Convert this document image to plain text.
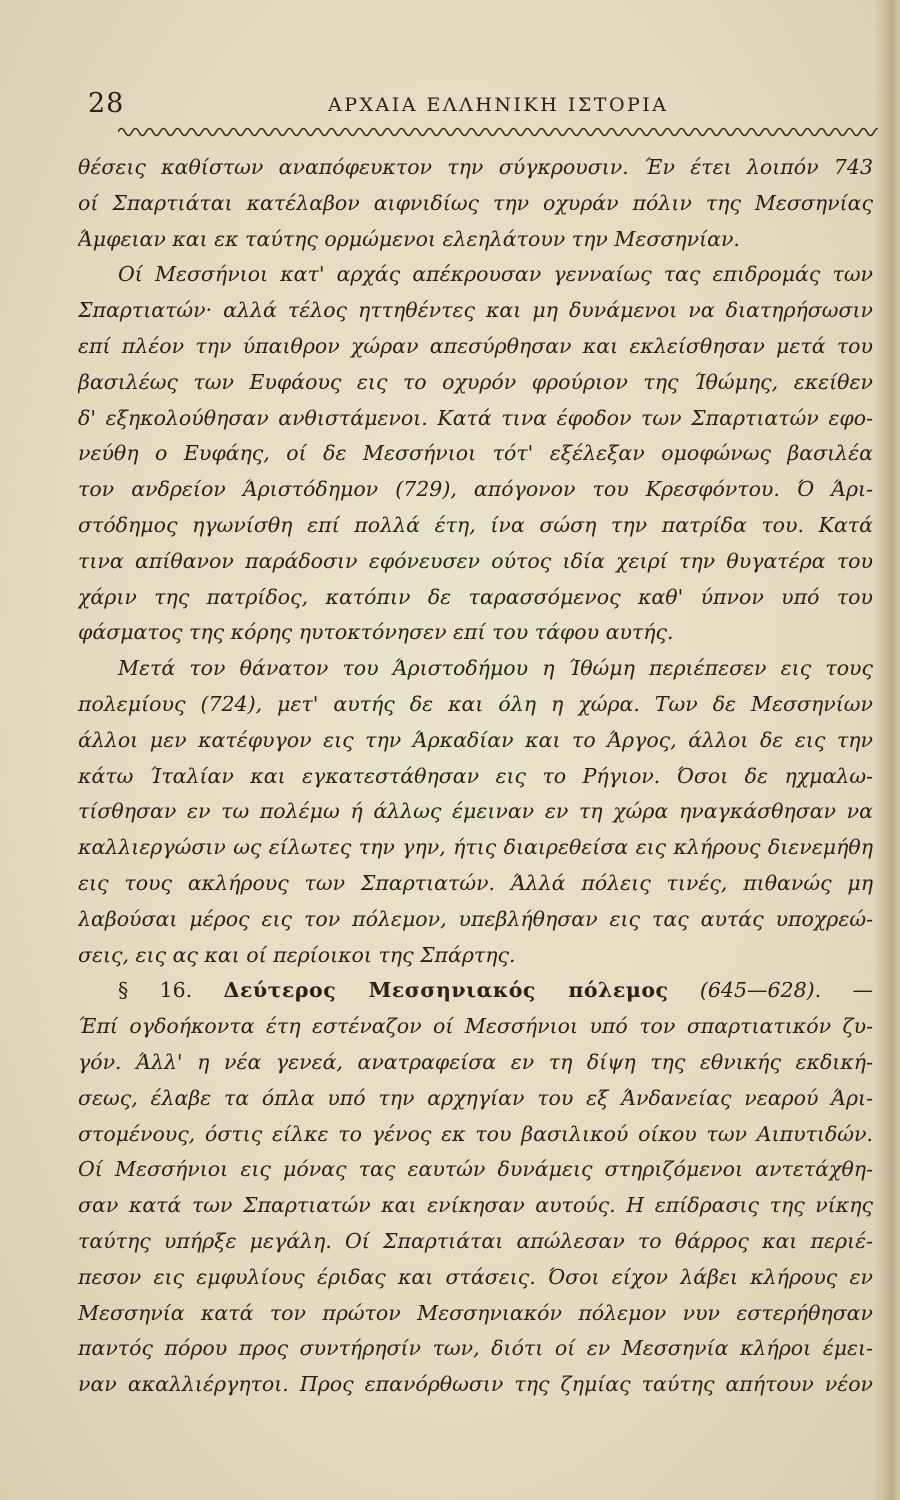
28	ΑΡΧΑΙΑ ΕΛΛΗΝΙΚΗ ΙΣΤΟΡΙΑ
θέσεις καθίστων αναπόφευκτον την σύγκρουσιν. Έν έτει λοιπόν 743
οί Σπαρτιάται κατέλαβον αιφνιδίως την οχυράν πόλιν της Μεσσηνίας
Άμφειαν και εκ ταύτης ορμώμενοι ελεηλάτουν την Μεσσηνίαν.
Οί Μεσσήνιοι κατ' αρχάς απέκρουσαν γενναίως τας επιδρομάς των
Σπαρτιατών· αλλά τέλος ηττηθέντες και μη δυνάμενοι να διατηρήσωσιν
επί πλέον την ύπαιθρον χώραν απεσύρθησαν και εκλείσθησαν μετά του
βασιλέως των Ευφάους εις το οχυρόν φρούριον της Ίθώμης, εκείθεν
δ' εξηκολούθησαν ανθιστάμενοι. Κατά τινα έφοδον των Σπαρτιατών εφο-
νεύθη ο Ευφάης, οί δε Μεσσήνιοι τότ' εξέλεξαν ομοφώνως βασιλέα
τον ανδρείον Άριστόδημον (729), απόγονον του Κρεσφόντου. Ό Άρι-
στόδημος ηγωνίσθη επί πολλά έτη, ίνα σώση την πατρίδα του. Κατά
τινα απίθανον παράδοσιν εφόνευσεν ούτος ιδία χειρί την θυγατέρα του
χάριν της πατρίδος, κατόπιν δε ταρασσόμενος καθ' ύπνον υπό του
φάσματος της κόρης ηυτοκτόνησεν επί του τάφου αυτής.
Μετά τον θάνατον του Άριστοδήμου η Ίθώμη περιέπεσεν εις τους
πολεμίους (724), μετ' αυτής δε και όλη η χώρα. Των δε Μεσσηνίων
άλλοι μεν κατέφυγον εις την Άρκαδίαν και το Άργος, άλλοι δε εις την
κάτω Ίταλίαν και εγκατεστάθησαν εις το Ρήγιον. Όσοι δε ηχμαλω-
τίσθησαν εν τω πολέμω ή άλλως έμειναν εν τη χώρα ηναγκάσθησαν να
καλλιεργώσιν ως είλωτες την γην, ήτις διαιρεθείσα εις κλήρους διενεμήθη
εις τους ακλήρους των Σπαρτιατών. Άλλά πόλεις τινές, πιθανώς μη
λαβούσαι μέρος εις τον πόλεμον, υπεβλήθησαν εις τας αυτάς υποχρεώ-
σεις, εις ας και οί περίοικοι της Σπάρτης.
§ 16. Δεύτερος Μεσσηνιακός πόλεμος (645—628). —
Έπί ογδοήκοντα έτη εστέναζον οί Μεσσήνιοι υπό τον σπαρτιατικόν ζυ-
γόν. Άλλ' η νέα γενεά, ανατραφείσα εν τη δίψη της εθνικής εκδική-
σεως, έλαβε τα όπλα υπό την αρχηγίαν του εξ Άνδανείας νεαρού Άρι-
στομένους, όστις είλκε το γένος εκ του βασιλικού οίκου των Αιπυτιδών.
Οί Μεσσήνιοι εις μόνας τας εαυτών δυνάμεις στηριζόμενοι αντετάχθη-
σαν κατά των Σπαρτιατών και ενίκησαν αυτούς. Η επίδρασις της νίκης
ταύτης υπήρξε μεγάλη. Οί Σπαρτιάται απώλεσαν το θάρρος και περιέ-
πεσον εις εμφυλίους έριδας και στάσεις. Όσοι είχον λάβει κλήρους εν
Μεσσηνία κατά τον πρώτον Μεσσηνιακόν πόλεμον νυν εστερήθησαν
παντός πόρου προς συντήρησίν των, διότι οί εν Μεσσηνία κλήροι έμει-
ναν ακαλλιέργητοι. Προς επανόρθωσιν της ζημίας ταύτης απήτουν νέον
